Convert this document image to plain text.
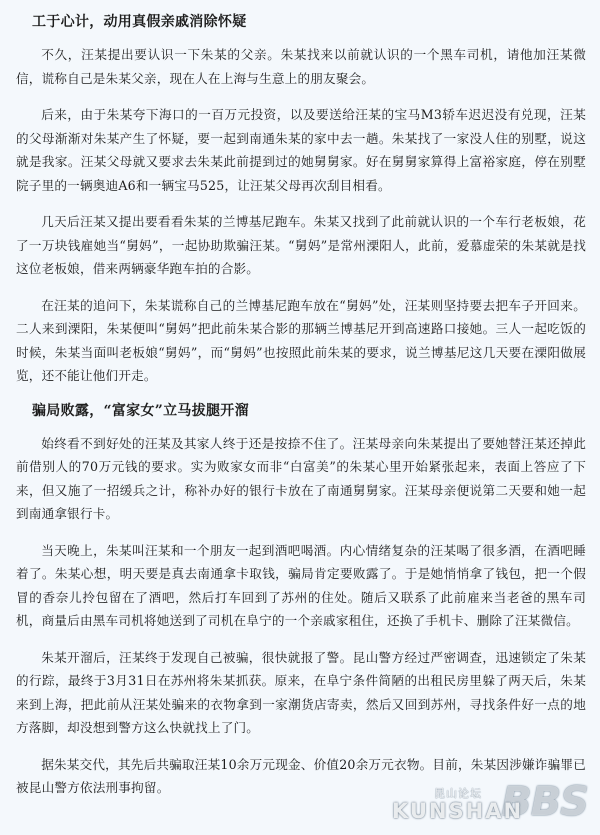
工于心计，动用真假亲戚消除怀疑

不久，汪某提出要认识一下朱某的父亲。朱某找来以前就认识的一个黑车司机，请他加汪某微信，谎称自己是朱某父亲，现在人在上海与生意上的朋友聚会。

后来，由于朱某夸下海口的一百万元投资，以及要送给汪某的宝马M3轿车迟迟没有兑现，汪某的父母渐渐对朱某产生了怀疑，要一起到南通朱某的家中去一趟。朱某找了一家没人住的别墅，说这就是我家。汪某父母就又要求去朱某此前提到过的她舅舅家。好在舅舅家算得上富裕家庭，停在别墅院子里的一辆奥迪A6和一辆宝马525，让汪某父母再次刮目相看。

几天后汪某又提出要看看朱某的兰博基尼跑车。朱某又找到了此前就认识的一个车行老板娘，花了一万块钱雇她当“舅妈”，一起协助欺骗汪某。“舅妈”是常州溧阳人，此前，爱慕虚荣的朱某就是找这位老板娘，借来两辆豪华跑车拍的合影。

在汪某的追问下，朱某谎称自己的兰博基尼跑车放在“舅妈”处，汪某则坚持要去把车子开回来。二人来到溧阳，朱某便叫“舅妈”把此前朱某合影的那辆兰博基尼开到高速路口接她。三人一起吃饭的时候，朱某当面叫老板娘“舅妈”，而“舅妈”也按照此前朱某的要求，说兰博基尼这几天要在溧阳做展览，还不能让他们开走。

骗局败露，“富家女”立马拔腿开溜

始终看不到好处的汪某及其家人终于还是按捺不住了。汪某母亲向朱某提出了要她替汪某还掉此前借别人的70万元钱的要求。实为败家女而非“白富美”的朱某心里开始紧张起来，表面上答应了下来，但又施了一招缓兵之计，称补办好的银行卡放在了南通舅舅家。汪某母亲便说第二天要和她一起到南通拿银行卡。

当天晚上，朱某叫汪某和一个朋友一起到酒吧喝酒。内心情绪复杂的汪某喝了很多酒，在酒吧睡着了。朱某心想，明天要是真去南通拿卡取钱，骗局肯定要败露了。于是她悄悄拿了钱包，把一个假冒的香奈儿拎包留在了酒吧，然后打车回到了苏州的住处。随后又联系了此前雇来当老爸的黑车司机，商量后由黑车司机将她送到了司机在阜宁的一个亲戚家租住，还换了手机卡、删除了汪某微信。

朱某开溜后，汪某终于发现自己被骗，很快就报了警。昆山警方经过严密调查，迅速锁定了朱某的行踪，最终于3月31日在苏州将朱某抓获。原来，在阜宁条件简陋的出租民房里躲了两天后，朱某来到上海，把此前从汪某处骗来的衣物拿到一家潮货店寄卖，然后又回到苏州，寻找条件好一点的地方落脚，却没想到警方这么快就找上了门。

据朱某交代，其先后共骗取汪某10余万元现金、价值20余万元衣物。目前，朱某因涉嫌诈骗罪已被昆山警方依法刑事拘留。	BBS
昆山论坛
KUNSHAN
